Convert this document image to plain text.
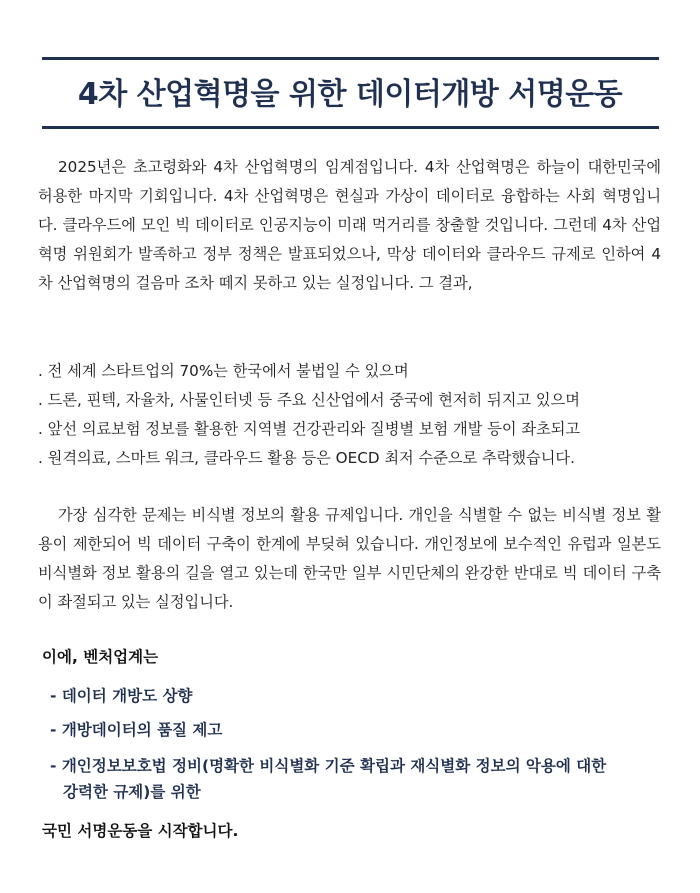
4차 산업혁명을 위한 데이터개방 서명운동

2025년은 초고령화와 4차 산업혁명의 임계점입니다. 4차 산업혁명은 하늘이 대한민국에 허용한 마지막 기회입니다. 4차 산업혁명은 현실과 가상이 데이터로 융합하는 사회 혁명입니다. 클라우드에 모인 빅 데이터로 인공지능이 미래 먹거리를 창출할 것입니다. 그런데 4차 산업혁명 위원회가 발족하고 정부 정책은 발표되었으나, 막상 데이터와 클라우드 규제로 인하여 4차 산업혁명의 걸음마 조차 떼지 못하고 있는 실정입니다. 그 결과,

. 전 세계 스타트업의 70%는 한국에서 불법일 수 있으며

. 드론, 핀텍, 자율차, 사물인터넷 등 주요 신산업에서 중국에 현저히 뒤지고 있으며

. 앞선 의료보험 정보를 활용한 지역별 건강관리와 질병별 보험 개발 등이 좌초되고

. 원격의료, 스마트 워크, 클라우드 활용 등은 OECD 최저 수준으로 추락했습니다.

가장 심각한 문제는 비식별 정보의 활용 규제입니다. 개인을 식별할 수 없는 비식별 정보 활용이 제한되어 빅 데이터 구축이 한계에 부딪혀 있습니다. 개인정보에 보수적인 유럽과 일본도 비식별화 정보 활용의 길을 열고 있는데 한국만 일부 시민단체의 완강한 반대로 빅 데이터 구축이 좌절되고 있는 실정입니다.

이에, 벤처업계는
- 데이터 개방도 상향
- 개방데이터의 품질 제고
- 개인정보보호법 정비(명확한 비식별화 기준 확립과 재식별화 정보의 악용에 대한
강력한 규제)를 위한
국민 서명운동을 시작합니다.
